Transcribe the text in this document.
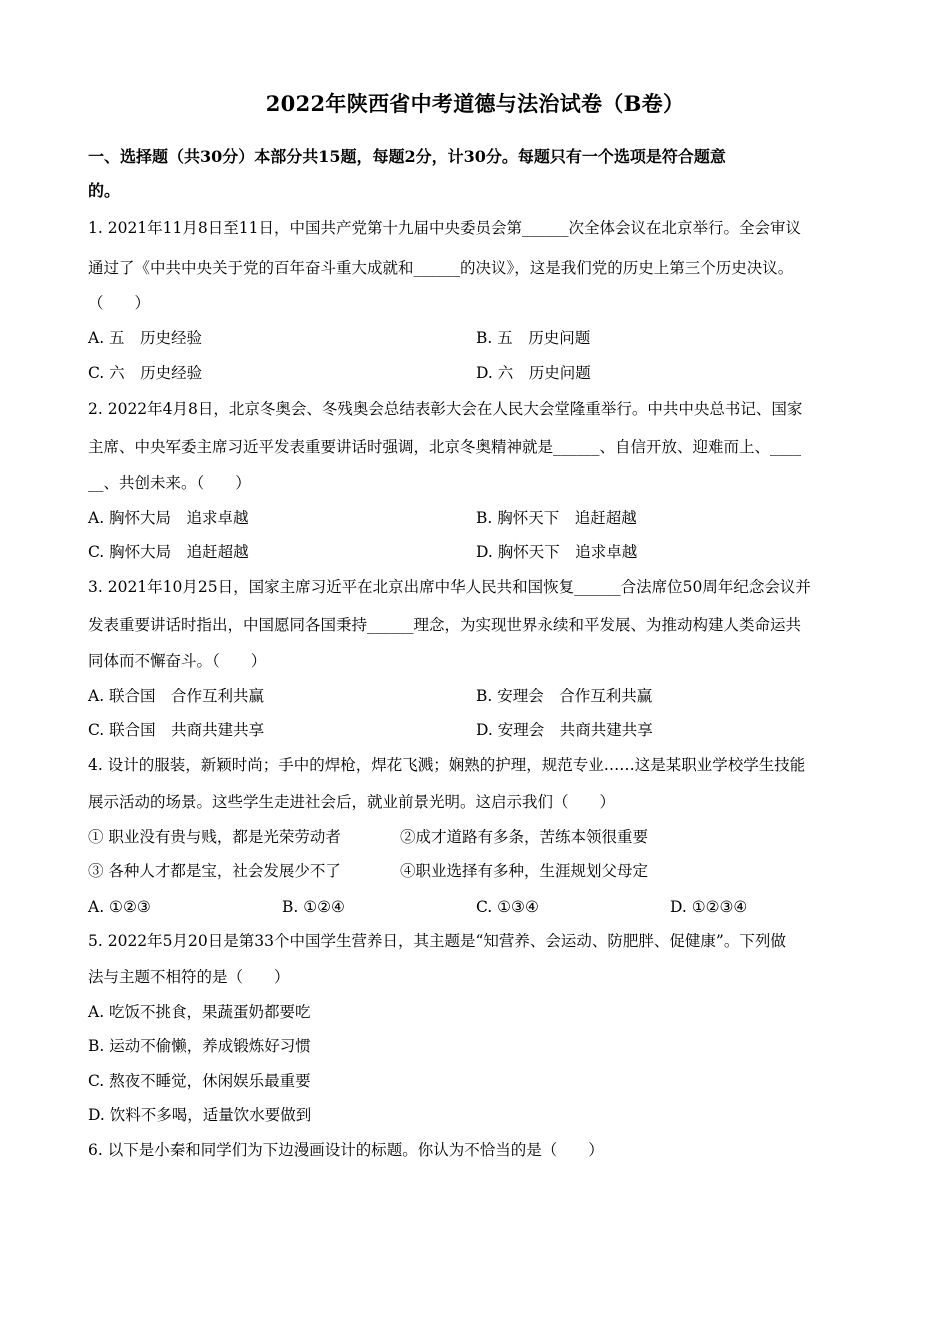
2022年陕西省中考道德与法治试卷（B卷）
一、选择题（共30分）本部分共15题，每题2分，计30分。每题只有一个选项是符合题意
的。
1. 2021年11月8日至11日，中国共产党第十九届中央委员会第______次全体会议在北京举行。全会审议
通过了《中共中央关于党的百年奋斗重大成就和______的决议》，这是我们党的历史上第三个历史决议。
（　　）
A. 五　历史经验	B. 五　历史问题
C. 六　历史经验	D. 六　历史问题
2. 2022年4月8日，北京冬奥会、冬残奥会总结表彰大会在人民大会堂隆重举行。中共中央总书记、国家
主席、中央军委主席习近平发表重要讲话时强调，北京冬奥精神就是______、自信开放、迎难而上、____
__、共创未来。（　　）
A. 胸怀大局　追求卓越	B. 胸怀天下　追赶超越
C. 胸怀大局　追赶超越	D. 胸怀天下　追求卓越
3. 2021年10月25日，国家主席习近平在北京出席中华人民共和国恢复______合法席位50周年纪念会议并
发表重要讲话时指出，中国愿同各国秉持______理念，为实现世界永续和平发展、为推动构建人类命运共
同体而不懈奋斗。（　　）
A. 联合国　合作互利共赢	B. 安理会　合作互利共赢
C. 联合国　共商共建共享	D. 安理会　共商共建共享
4. 设计的服装，新颖时尚；手中的焊枪，焊花飞溅；娴熟的护理，规范专业……这是某职业学校学生技能
展示活动的场景。这些学生走进社会后，就业前景光明。这启示我们（　　）
① 职业没有贵与贱，都是光荣劳动者	②成才道路有多条，苦练本领很重要
③ 各种人才都是宝，社会发展少不了	④职业选择有多种，生涯规划父母定
A. ①②③	B. ①②④	C. ①③④	D. ①②③④
5. 2022年5月20日是第33个中国学生营养日，其主题是“知营养、会运动、防肥胖、促健康”。下列做
法与主题不相符的是（　　）
A. 吃饭不挑食，果蔬蛋奶都要吃
B. 运动不偷懒，养成锻炼好习惯
C. 熬夜不睡觉，休闲娱乐最重要
D. 饮料不多喝，适量饮水要做到
6. 以下是小秦和同学们为下边漫画设计的标题。你认为不恰当的是（　　）
